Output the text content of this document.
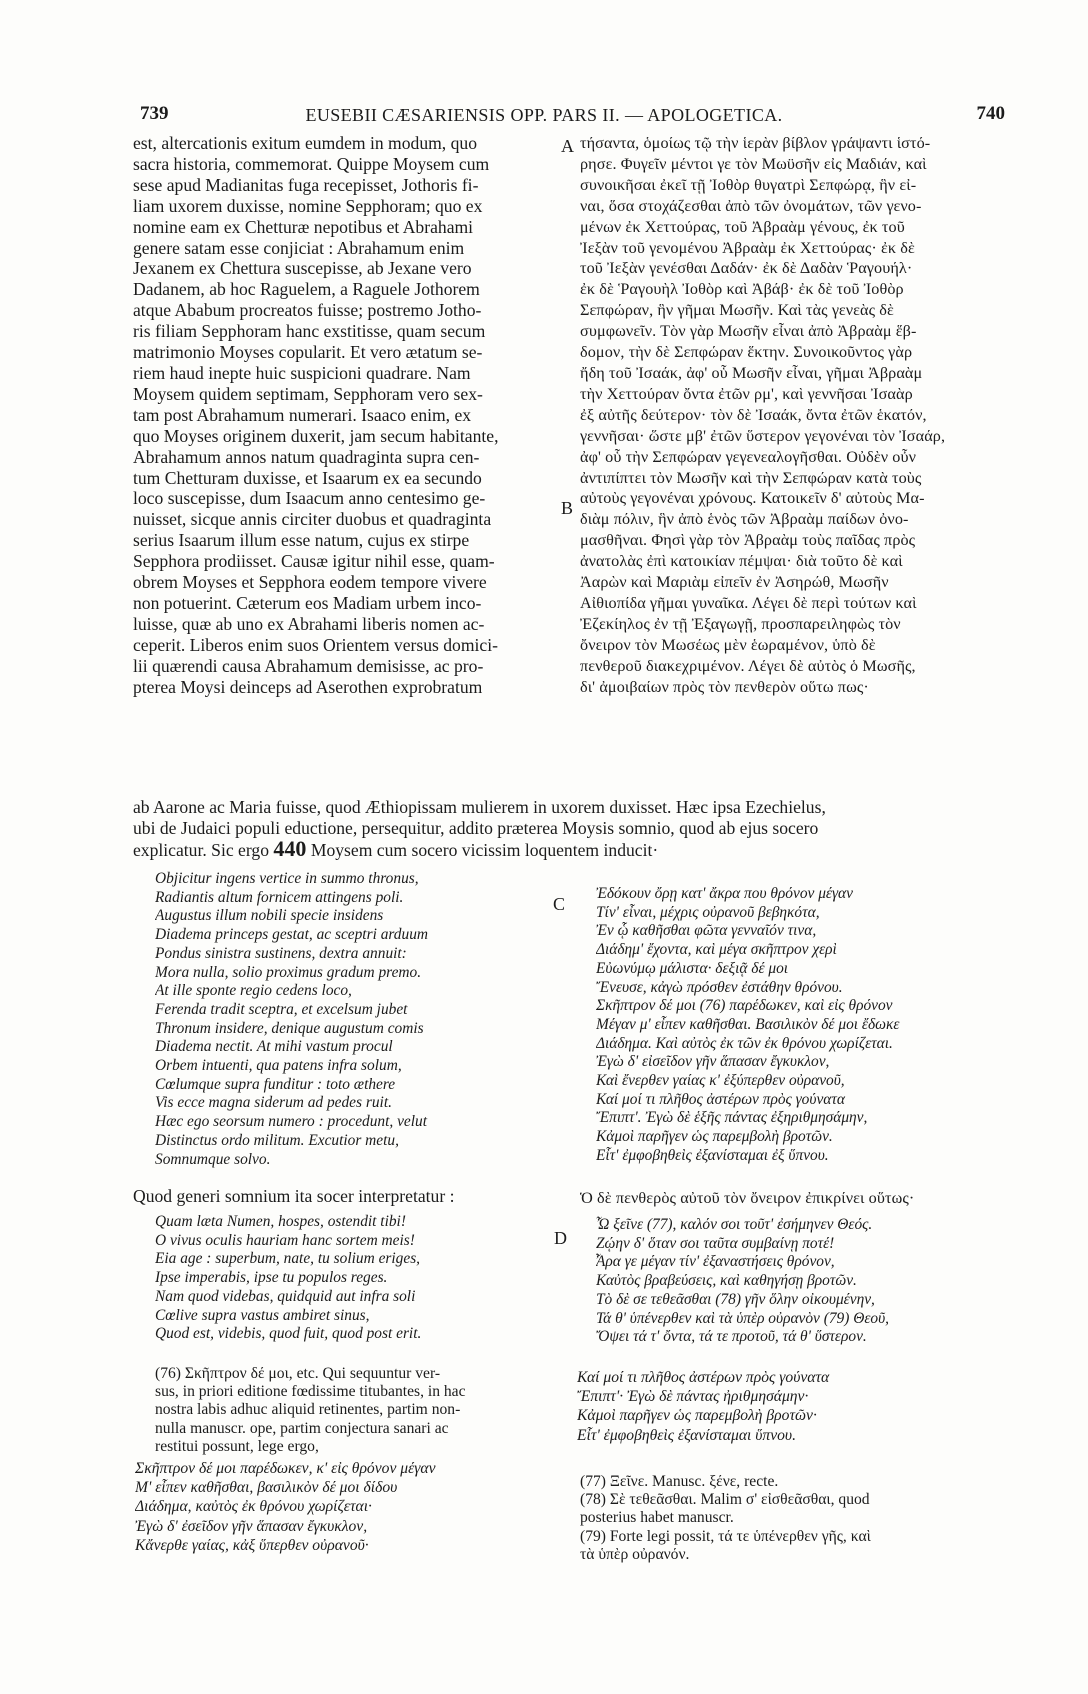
739	EUSEBII CÆSARIENSIS OPP. PARS II. — APOLOGETICA.	740
A
B
C
D
est, altercationis exitum eumdem in modum, quo
sacra historia, commemorat. Quippe Moysem cum
sese apud Madianitas fuga recepisset, Jothoris fi-
liam uxorem duxisse, nomine Sepphoram; quo ex
nomine eam ex Chetturæ nepotibus et Abrahami
genere satam esse conjiciat : Abrahamum enim
Jexanem ex Chettura suscepisse, ab Jexane vero
Dadanem, ab hoc Raguelem, a Raguele Jothorem
atque Ababum procreatos fuisse; postremo Jotho-
ris filiam Sepphoram hanc exstitisse, quam secum
matrimonio Moyses copularit. Et vero ætatum se-
riem haud inepte huic suspicioni quadrare. Nam
Moysem quidem septimam, Sepphoram vero sex-
tam post Abrahamum numerari. Isaaco enim, ex
quo Moyses originem duxerit, jam secum habitante,
Abrahamum annos natum quadraginta supra cen-
tum Chetturam duxisse, et Isaarum ex ea secundo
loco suscepisse, dum Isaacum anno centesimo ge-
nuisset, sicque annis circiter duobus et quadraginta
serius Isaarum illum esse natum, cujus ex stirpe
Sepphora prodiisset. Causæ igitur nihil esse, quam-
obrem Moyses et Sepphora eodem tempore vivere
non potuerint. Cæterum eos Madiam urbem inco-
luisse, quæ ab uno ex Abrahami liberis nomen ac-
ceperit. Liberos enim suos Orientem versus domici-
lii quærendi causa Abrahamum demisisse, ac pro-
pterea Moysi deinceps ad Aserothen exprobratum
τήσαντα, ὁμοίως τῷ τὴν ἱερὰν βίβλον γράψαντι ἱστό-
ρησε. Φυγεῖν μέντοι γε τὸν Μωϋσῆν εἰς Μαδιάν, καὶ
συνοικῆσαι ἐκεῖ τῇ Ἰοθὸρ θυγατρὶ Σεπφώρᾳ, ἣν εἰ-
ναι, ὅσα στοχάζεσθαι ἀπὸ τῶν ὀνομάτων, τῶν γενο-
μένων ἐκ Χεττούρας, τοῦ Ἀβραὰμ γένους, ἐκ τοῦ
Ἰεξὰν τοῦ γενομένου Ἀβραὰμ ἐκ Χεττούρας· ἐκ δὲ
τοῦ Ἰεξὰν γενέσθαι Δαδάν· ἐκ δὲ Δαδὰν Ῥαγουήλ·
ἐκ δὲ Ῥαγουὴλ Ἰοθὸρ καὶ Ἀβάβ· ἐκ δὲ τοῦ Ἰοθὸρ
Σεπφώραν, ἣν γῆμαι Μωσῆν. Καὶ τὰς γενεὰς δὲ
συμφωνεῖν. Τὸν γὰρ Μωσῆν εἶναι ἀπὸ Ἀβραὰμ ἕβ-
δομον, τὴν δὲ Σεπφώραν ἕκτην. Συνοικοῦντος γὰρ
ἤδη τοῦ Ἰσαάκ, ἀφ' οὗ Μωσῆν εἶναι, γῆμαι Ἀβραὰμ
τὴν Χεττούραν ὄντα ἐτῶν ρμ', καὶ γεννῆσαι Ἰσαὰρ
ἐξ αὐτῆς δεύτερον· τὸν δὲ Ἰσαάκ, ὄντα ἐτῶν ἑκατόν,
γεννῆσαι· ὥστε μβ' ἐτῶν ὕστερον γεγονέναι τὸν Ἰσαάρ,
ἀφ' οὗ τὴν Σεπφώραν γεγενεαλογῆσθαι. Οὐδὲν οὖν
ἀντιπίπτει τὸν Μωσῆν καὶ τὴν Σεπφώραν κατὰ τοὺς
αὐτοὺς γεγονέναι χρόνους. Κατοικεῖν δ' αὐτοὺς Μα-
διὰμ πόλιν, ἣν ἀπὸ ἑνὸς τῶν Ἀβραὰμ παίδων ὀνο-
μασθῆναι. Φησὶ γὰρ τὸν Ἀβραὰμ τοὺς παῖδας πρὸς
ἀνατολὰς ἐπὶ κατοικίαν πέμψαι· διὰ τοῦτο δὲ καὶ
Ἀαρὼν καὶ Μαριὰμ εἰπεῖν ἐν Ἀσηρώθ, Μωσῆν
Αἰθιοπίδα γῆμαι γυναῖκα. Λέγει δὲ περὶ τούτων καὶ
Ἐζεκίηλος ἐν τῇ Ἐξαγωγῇ, προσπαρειληφὼς τὸν
ὄνειρον τὸν Μωσέως μὲν ἑωραμένον, ὑπὸ δὲ
πενθεροῦ διακεχριμένον. Λέγει δὲ αὐτὸς ὁ Μωσῆς,
δι' ἀμοιβαίων πρὸς τὸν πενθερὸν οὕτω πως·
ab Aarone ac Maria fuisse, quod Æthiopissam mulierem in uxorem duxisset. Hæc ipsa Ezechielus,
ubi de Judaici populi eductione, persequitur, addito præterea Moysis somnio, quod ab ejus socero
explicatur. Sic ergo 440 Moysem cum socero vicissim loquentem inducit·
Objicitur ingens vertice in summo thronus,
Radiantis altum fornicem attingens poli.
Augustus illum nobili specie insidens
Diadema princeps gestat, ac sceptri arduum
Pondus sinistra sustinens, dextra annuit:
Mora nulla, solio proximus gradum premo.
At ille sponte regio cedens loco,
Ferenda tradit sceptra, et excelsum jubet
Thronum insidere, denique augustum comis
Diadema nectit. At mihi vastum procul
Orbem intuenti, qua patens infra solum,
Cœlumque supra funditur : toto æthere
Vis ecce magna siderum ad pedes ruit.
Hæc ego seorsum numero : procedunt, velut
Distinctus ordo militum. Excutior metu,
Somnumque solvo.
Ἐδόκουν ὄρῃ κατ' ἄκρα που θρόνον μέγαν
Τίν' εἶναι, μέχρις οὐρανοῦ βεβηκότα,
Ἐν ᾧ καθῆσθαι φῶτα γενναῖόν τινα,
Διάδημ' ἔχοντα, καὶ μέγα σκῆπτρον χερὶ
Εὐωνύμῳ μάλιστα· δεξιᾷ δέ μοι
Ἔνευσε, κἀγὼ πρόσθεν ἐστάθην θρόνου.
Σκῆπτρον δέ μοι (76) παρέδωκεν, καὶ εἰς θρόνον
Μέγαν μ' εἶπεν καθῆσθαι. Βασιλικὸν δέ μοι ἔδωκε
Διάδημα. Καὶ αὐτὸς ἐκ τῶν ἐκ θρόνου χωρίζεται.
Ἐγὼ δ' εἰσεῖδον γῆν ἅπασαν ἔγκυκλον,
Καὶ ἔνερθεν γαίας κ' ἐξύπερθεν οὐρανοῦ,
Καί μοί τι πλῆθος ἀστέρων πρὸς γούνατα
Ἔπιπτ'. Ἐγὼ δὲ ἑξῆς πάντας ἐξηριθμησάμην,
Κἀμοὶ παρῆγεν ὡς παρεμβολὴ βροτῶν.
Εἶτ' ἐμφοβηθεὶς ἐξανίσταμαι ἐξ ὕπνου.
Quod generi somnium ita socer interpretatur :	Ὁ δὲ πενθερὸς αὐτοῦ τὸν ὄνειρον ἐπικρίνει οὕτως·
Quam læta Numen, hospes, ostendit tibi!
O vivus oculis hauriam hanc sortem meis!
Eia age : superbum, nate, tu solium eriges,
Ipse imperabis, ipse tu populos reges.
Nam quod videbas, quidquid aut infra soli
Cœlive supra vastus ambiret sinus,
Quod est, videbis, quod fuit, quod post erit.
Ὦ ξεῖνε (77), καλόν σοι τοῦτ' ἐσήμηνεν Θεός.
Ζῴην δ' ὅταν σοι ταῦτα συμβαίνῃ ποτέ!
Ἆρα γε μέγαν τίν' ἐξαναστήσεις θρόνον,
Καὐτὸς βραβεύσεις, καὶ καθηγήσῃ βροτῶν.
Τὸ δὲ σε τεθεᾶσθαι (78) γῆν ὅλην οἰκουμένην,
Τά θ' ὑπένερθεν καὶ τὰ ὑπὲρ οὐρανὸν (79) Θεοῦ,
Ὄψει τά τ' ὄντα, τά τε προτοῦ, τά θ' ὕστερον.
(76) Σκῆπτρον δέ μοι, etc. Qui sequuntur ver-
sus, in priori editione fœdissime titubantes, in hac
nostra labis adhuc aliquid retinentes, partim non-
nulla manuscr. ope, partim conjectura sanari ac
restitui possunt, lege ergo,
Σκῆπτρον δέ μοι παρέδωκεν, κ' εἰς θρόνον μέγαν
Μ' εἶπεν καθῆσθαι, βασιλικὸν δέ μοι δίδου
Διάδημα, καὐτὸς ἐκ θρόνου χωρίζεται·
Ἐγὼ δ' ἐσεῖδον γῆν ἅπασαν ἔγκυκλον,
Κἄνερθε γαίας, κἀξ ὕπερθεν οὐρανοῦ·
Καί μοί τι πλῆθος ἀστέρων πρὸς γούνατα
Ἔπιπτ'· Ἐγὼ δὲ πάντας ἠριθμησάμην·
Κἀμοὶ παρῆγεν ὡς παρεμβολὴ βροτῶν·
Εἶτ' ἐμφοβηθεὶς ἐξανίσταμαι ὕπνου.
(77) Ξεῖνε. Manusc. ξένε, recte.
(78) Σὲ τεθεᾶσθαι. Malim σ' εἰσθεᾶσθαι, quod
posterius habet manuscr.
(79) Forte legi possit, τά τε ὑπένερθεν γῆς, καὶ
τὰ ὑπὲρ οὐρανόν.
